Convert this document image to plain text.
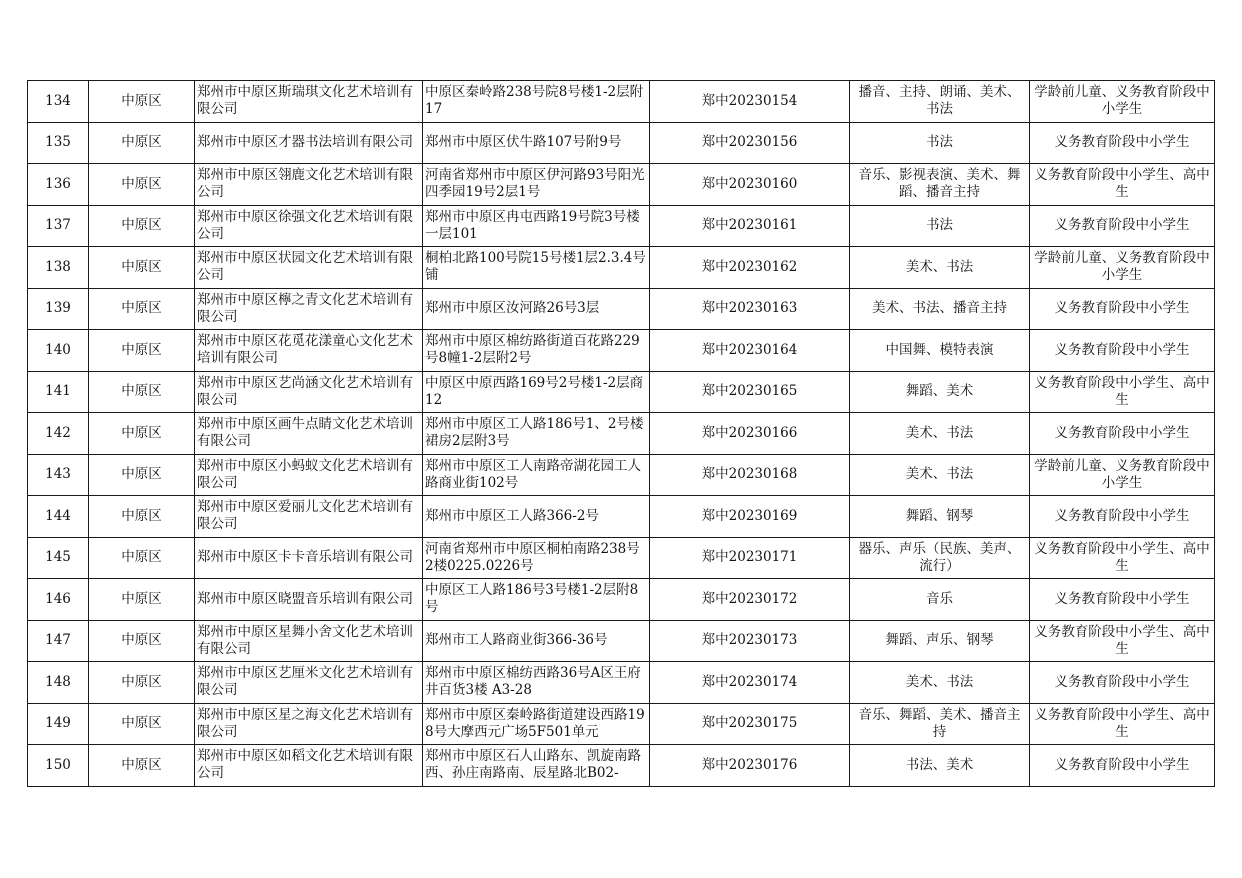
134	中原区	郑州市中原区斯瑞琪文化艺术培训有限公司	中原区秦岭路238号院8号楼1-2层附17	郑中20230154	播音、主持、朗诵、美术、书法	学龄前儿童、义务教育阶段中小学生
135	中原区	郑州市中原区才器书法培训有限公司	郑州市中原区伏牛路107号附9号	郑中20230156	书法	义务教育阶段中小学生
136	中原区	郑州市中原区翎鹿文化艺术培训有限公司	河南省郑州市中原区伊河路93号阳光四季园19号2层1号	郑中20230160	音乐、影视表演、美术、舞蹈、播音主持	义务教育阶段中小学生、高中生
137	中原区	郑州市中原区徐强文化艺术培训有限公司	郑州市中原区冉屯西路19号院3号楼一层101	郑中20230161	书法	义务教育阶段中小学生
138	中原区	郑州市中原区状园文化艺术培训有限公司	桐柏北路100号院15号楼1层2.3.4号铺	郑中20230162	美术、书法	学龄前儿童、义务教育阶段中小学生
139	中原区	郑州市中原区檸之青文化艺术培训有限公司	郑州市中原区汝河路26号3层	郑中20230163	美术、书法、播音主持	义务教育阶段中小学生
140	中原区	郑州市中原区花觅花漾童心文化艺术培训有限公司	郑州市中原区棉纺路街道百花路229号8幢1-2层附2号	郑中20230164	中国舞、模特表演	义务教育阶段中小学生
141	中原区	郑州市中原区艺尚涵文化艺术培训有限公司	中原区中原西路169号2号楼1-2层商12	郑中20230165	舞蹈、美术	义务教育阶段中小学生、高中生
142	中原区	郑州市中原区画牛点睛文化艺术培训有限公司	郑州市中原区工人路186号1、2号楼裙房2层附3号	郑中20230166	美术、书法	义务教育阶段中小学生
143	中原区	郑州市中原区小蚂蚁文化艺术培训有限公司	郑州市中原区工人南路帝湖花园工人路商业街102号	郑中20230168	美术、书法	学龄前儿童、义务教育阶段中小学生
144	中原区	郑州市中原区爱丽儿文化艺术培训有限公司	郑州市中原区工人路366-2号	郑中20230169	舞蹈、钢琴	义务教育阶段中小学生
145	中原区	郑州市中原区卡卡音乐培训有限公司	河南省郑州市中原区桐柏南路238号2楼0225.0226号	郑中20230171	器乐、声乐（民族、美声、流行）	义务教育阶段中小学生、高中生
146	中原区	郑州市中原区晓盟音乐培训有限公司	中原区工人路186号3号楼1-2层附8号	郑中20230172	音乐	义务教育阶段中小学生
147	中原区	郑州市中原区星舞小舍文化艺术培训有限公司	郑州市工人路商业街366-36号	郑中20230173	舞蹈、声乐、钢琴	义务教育阶段中小学生、高中生
148	中原区	郑州市中原区艺厘米文化艺术培训有限公司	郑州市中原区棉纺西路36号A区王府井百货3楼 A3-28	郑中20230174	美术、书法	义务教育阶段中小学生
149	中原区	郑州市中原区星之海文化艺术培训有限公司	郑州市中原区秦岭路街道建设西路198号大摩西元广场5F501单元	郑中20230175	音乐、舞蹈、美术、播音主持	义务教育阶段中小学生、高中生
150	中原区	郑州市中原区如稻文化艺术培训有限公司	郑州市中原区石人山路东、凯旋南路西、孙庄南路南、辰星路北B02-	郑中20230176	书法、美术	义务教育阶段中小学生
